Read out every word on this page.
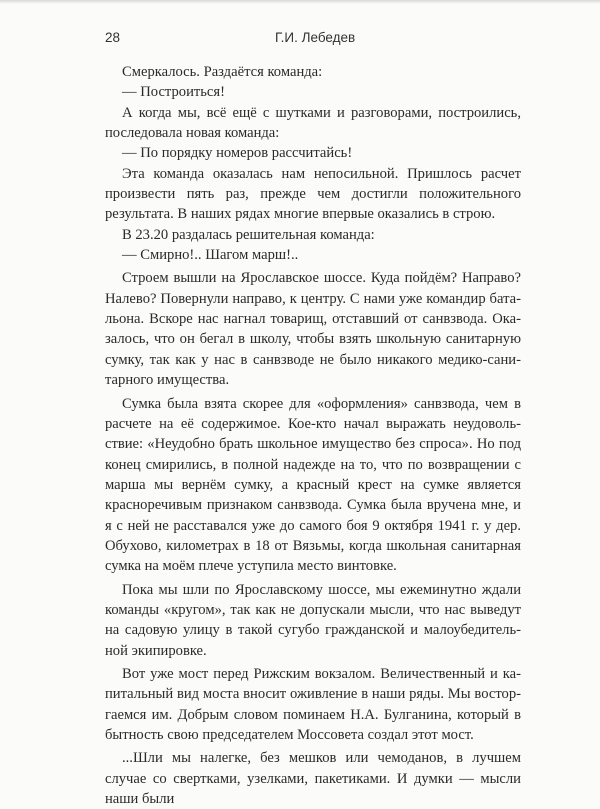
28	Г.И. Лебедев

Смеркалось. Раздаётся команда:

— Построиться!

А когда мы, всё ещё с шутками и разговорами, построились, последовала новая команда:

— По порядку номеров рассчитайсь!

Эта команда оказалась нам непосильной. Пришлось расчет произвести пять раз, прежде чем достигли положительного результата. В наших рядах многие впервые оказались в строю.

В 23.20 раздалась решительная команда:

— Смирно!.. Шагом марш!..

Строем вышли на Ярославское шоссе. Куда пойдём? Направо? Налево? Повернули направо, к центру. С нами уже командир батальона. Вскоре нас нагнал товарищ, отставший от санвзвода. Оказалось, что он бегал в школу, чтобы взять школьную санитарную сумку, так как у нас в санвзводе не было никакого медико-санитарного имущества.

Сумка была взята скорее для «оформления» санвзвода, чем в расчете на её содержимое. Кое-кто начал выражать неудовольствие: «Неудобно брать школьное имущество без спроса». Но под конец смирились, в полной надежде на то, что по возвращении с марша мы вернём сумку, а красный крест на сумке является красноречивым признаком санвзвода. Сумка была вручена мне, и я с ней не расставался уже до самого боя 9 октября 1941 г. у дер. Обухово, километрах в 18 от Вязьмы, когда школьная санитарная сумка на моём плече уступила место винтовке.

Пока мы шли по Ярославскому шоссе, мы ежеминутно ждали команды «кругом», так как не допускали мысли, что нас выведут на садовую улицу в такой сугубо гражданской и малоубедительной экипировке.

Вот уже мост перед Рижским вокзалом. Величественный и капитальный вид моста вносит оживление в наши ряды. Мы восторгаемся им. Добрым словом поминаем Н.А. Булганина, который в бытность свою председателем Моссовета создал этот мост.

...Шли мы налегке, без мешков или чемоданов, в лучшем случае со свертками, узелками, пакетиками. И думки — мысли наши были
